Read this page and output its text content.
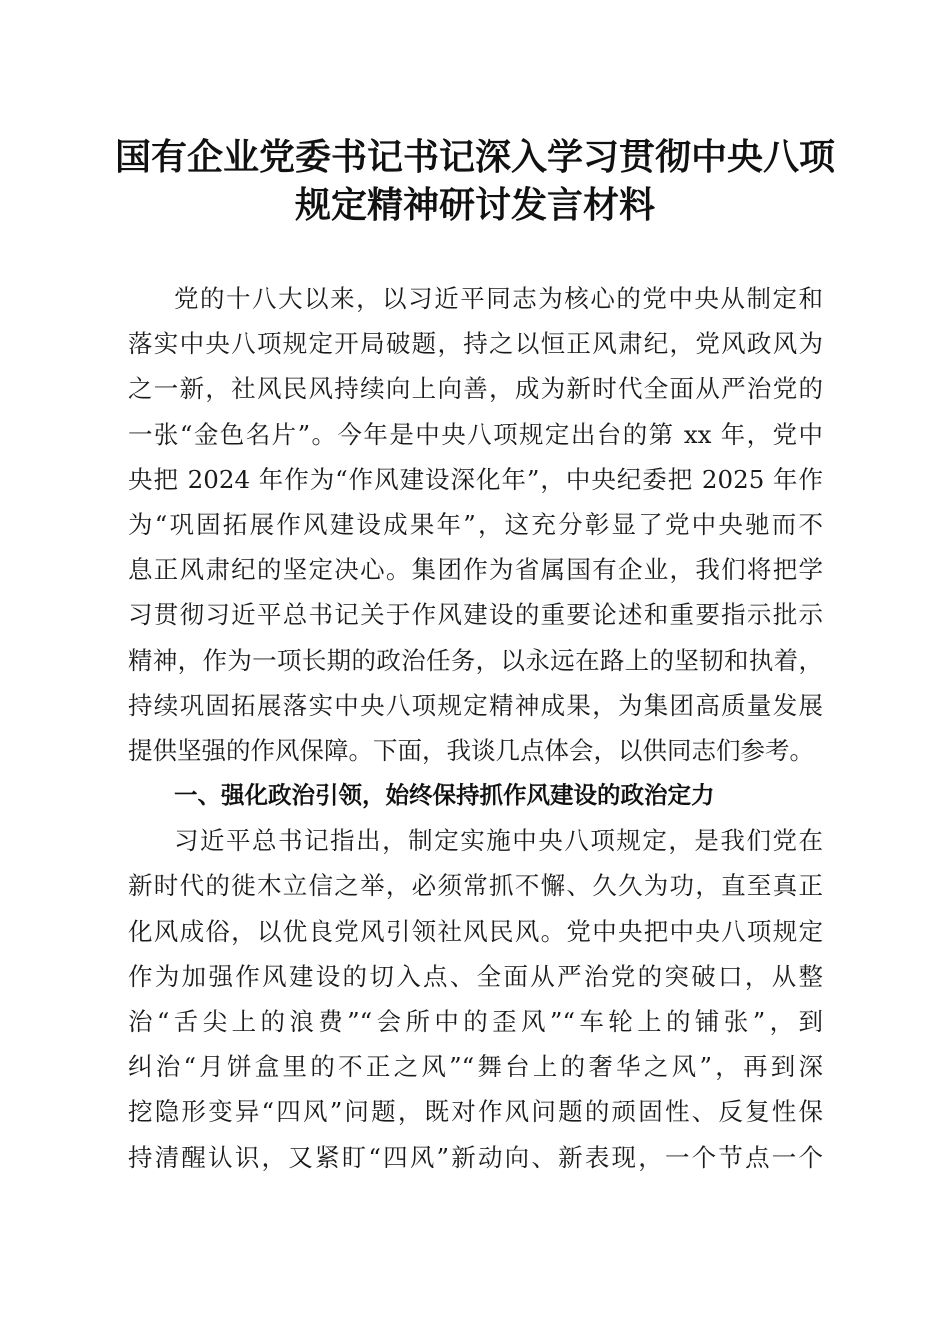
国有企业党委书记书记深入学习贯彻中央八项
规定精神研讨发言材料
党的十八大以来，以习近平同志为核心的党中央从制定和
落实中央八项规定开局破题，持之以恒正风肃纪，党风政风为
之一新，社风民风持续向上向善，成为新时代全面从严治党的
一张“金色名片”。今年是中央八项规定出台的第 xx 年，党中
央把 2024 年作为“作风建设深化年”，中央纪委把 2025 年作
为“巩固拓展作风建设成果年”，这充分彰显了党中央驰而不
息正风肃纪的坚定决心。集团作为省属国有企业，我们将把学
习贯彻习近平总书记关于作风建设的重要论述和重要指示批示
精神，作为一项长期的政治任务，以永远在路上的坚韧和执着，
持续巩固拓展落实中央八项规定精神成果，为集团高质量发展
提供坚强的作风保障。下面，我谈几点体会，以供同志们参考。
一、强化政治引领，始终保持抓作风建设的政治定力
习近平总书记指出，制定实施中央八项规定，是我们党在
新时代的徙木立信之举，必须常抓不懈、久久为功，直至真正
化风成俗，以优良党风引领社风民风。党中央把中央八项规定
作为加强作风建设的切入点、全面从严治党的突破口，从整
治“舌尖上的浪费”“会所中的歪风”“车轮上的铺张”，到
纠治“月饼盒里的不正之风”“舞台上的奢华之风”，再到深
挖隐形变异“四风”问题，既对作风问题的顽固性、反复性保
持清醒认识，又紧盯“四风”新动向、新表现，一个节点一个
